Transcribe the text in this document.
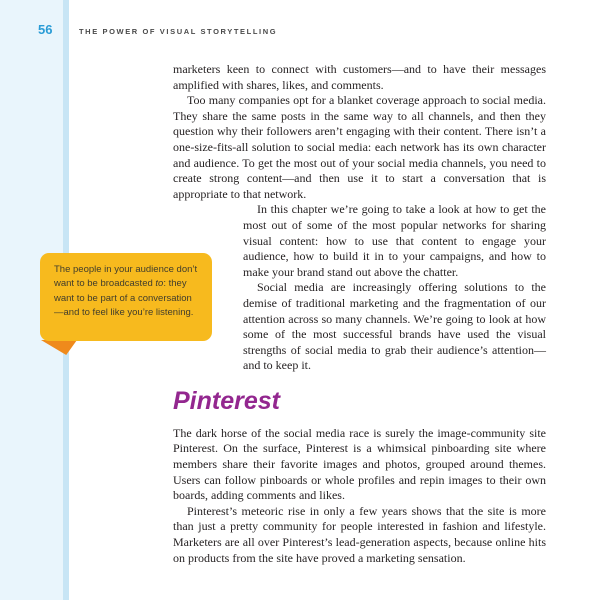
56	THE POWER OF VISUAL STORYTELLING
The people in your audience don’t want to be broadcasted to: they want to be part of a conversation—and to feel like you’re listening.

marketers keen to connect with customers—and to have their messages amplified with shares, likes, and comments.

Too many companies opt for a blanket coverage approach to social media. They share the same posts in the same way to all channels, and then they question why their followers aren’t engaging with their content. There isn’t a one-size-fits-all solution to social media: each network has its own character and audience. To get the most out of your social media channels, you need to create strong content—and then use it to start a conversation that is appropriate to that network.

In this chapter we’re going to take a look at how to get the most out of some of the most popular networks for sharing visual content: how to use that content to engage your audience, how to build it in to your campaigns, and how to make your brand stand out above the chatter.

Social media are increasingly offering solutions to the demise of traditional marketing and the fragmentation of our attention across so many channels. We’re going to look at how some of the most successful brands have used the visual strengths of social media to grab their audience’s attention—and to keep it.

Pinterest

The dark horse of the social media race is surely the image-community site Pinterest. On the surface, Pinterest is a whimsical pinboarding site where members share their favorite images and photos, grouped around themes. Users can follow pinboards or whole profiles and repin images to their own boards, adding comments and likes.

Pinterest’s meteoric rise in only a few years shows that the site is more than just a pretty community for people interested in fashion and lifestyle. Marketers are all over Pinterest’s lead-generation aspects, because online hits on products from the site have proved a marketing sensation.
